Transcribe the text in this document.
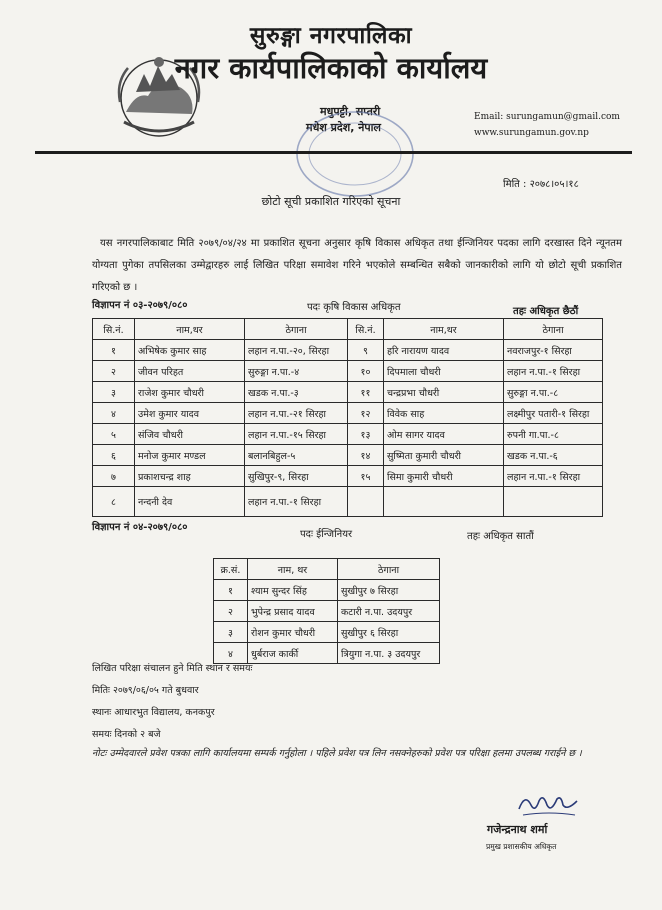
सुरुङ्गा नगरपालिका
नगर कार्यपालिकाको कार्यालय
मधुपट्टी, सप्तरी
मधेश प्रदेश, नेपाल
Email: surungamun@gmail.com
www.surungamun.gov.np
मिति : २०७८।०५।१८
छोटो सूची प्रकाशित गरिएको सूचना
यस नगरपालिकाबाट मिति २०७९/०४/२४ मा प्रकाशित सूचना अनुसार कृषि विकास अधिकृत तथा ईन्जिनियर पदका लागि दरखास्त दिने न्यूनतम योग्यता पुगेका तपसिलका उम्मेद्वारहरु लाई लिखित परिक्षा समावेश गरिने भएकोले सम्बन्धित सबैको जानकारीको लागि यो छोटो सूची प्रकाशित गरिएको छ ।
विज्ञापन नं ०३-२०७९/०८०	पदः कृषि विकास अधिकृत	तहः अधिकृत छैठौं
सि.नं.	नाम,थर	ठेगाना	सि.नं.	नाम,थर	ठेगाना
१	अभिषेक कुमार साह	लहान न.पा.-२०, सिरहा	९	हरि नारायण यादव	नवराजपुर-१ सिरहा
२	जीवन परिहत	सुरुङ्गा न.पा.-४	१०	दिपमाला चौधरी	लहान न.पा.-१ सिरहा
३	राजेश कुमार चौधरी	खडक न.पा.-३	११	चन्द्रप्रभा चौधरी	सुरुङ्गा न.पा.-८
४	उमेश कुमार यादव	लहान न.पा.-२१ सिरहा	१२	विवेक साह	लक्ष्मीपुर पतारी-१ सिरहा
५	संजिव चौधरी	लहान न.पा.-१५ सिरहा	१३	ओम सागर यादव	रुपनी गा.पा.-८
६	मनोज कुमार मण्डल	बलानबिहुल-५	१४	सुष्मिता कुमारी चौधरी	खडक न.पा.-६
७	प्रकाशचन्द्र शाह	सुखिपुर-९, सिरहा	१५	सिमा कुमारी चौधरी	लहान न.पा.-१ सिरहा
८	नन्दनी देव	लहान न.पा.-१ सिरहा			
विज्ञापन नं ०४-२०७९/०८०
पदः ईन्जिनियर	तहः अधिकृत सातौं
क्र.सं.	नाम, थर	ठेगाना
१	श्याम सुन्दर सिंह	सुखीपुर ७ सिरहा
२	भुपेन्द्र प्रसाद यादव	कटारी न.पा. उदयपुर
३	रोशन कुमार चौधरी	सुखीपुर ६ सिरहा
४	धुर्बराज कार्की	त्रियुगा न.पा. ३ उदयपुर
लिखित परिक्षा संचालन हुने मिति स्थान र समयः
मितिः २०७९/०६/०५ गते बुधवार
स्थानः आधारभुत विद्यालय, कनकपुर
समयः दिनको २ बजे
नोटः उम्मेदवारले प्रवेश पत्रका लागि कार्यालयमा सम्पर्क गर्नुहोला । पहिले प्रवेश पत्र लिन नसक्नेहरुको प्रवेश पत्र परिक्षा हलमा उपलब्ध गराईने छ ।
गजेन्द्रनाथ शर्मा
प्रमुख प्रशासकीय अधिकृत
